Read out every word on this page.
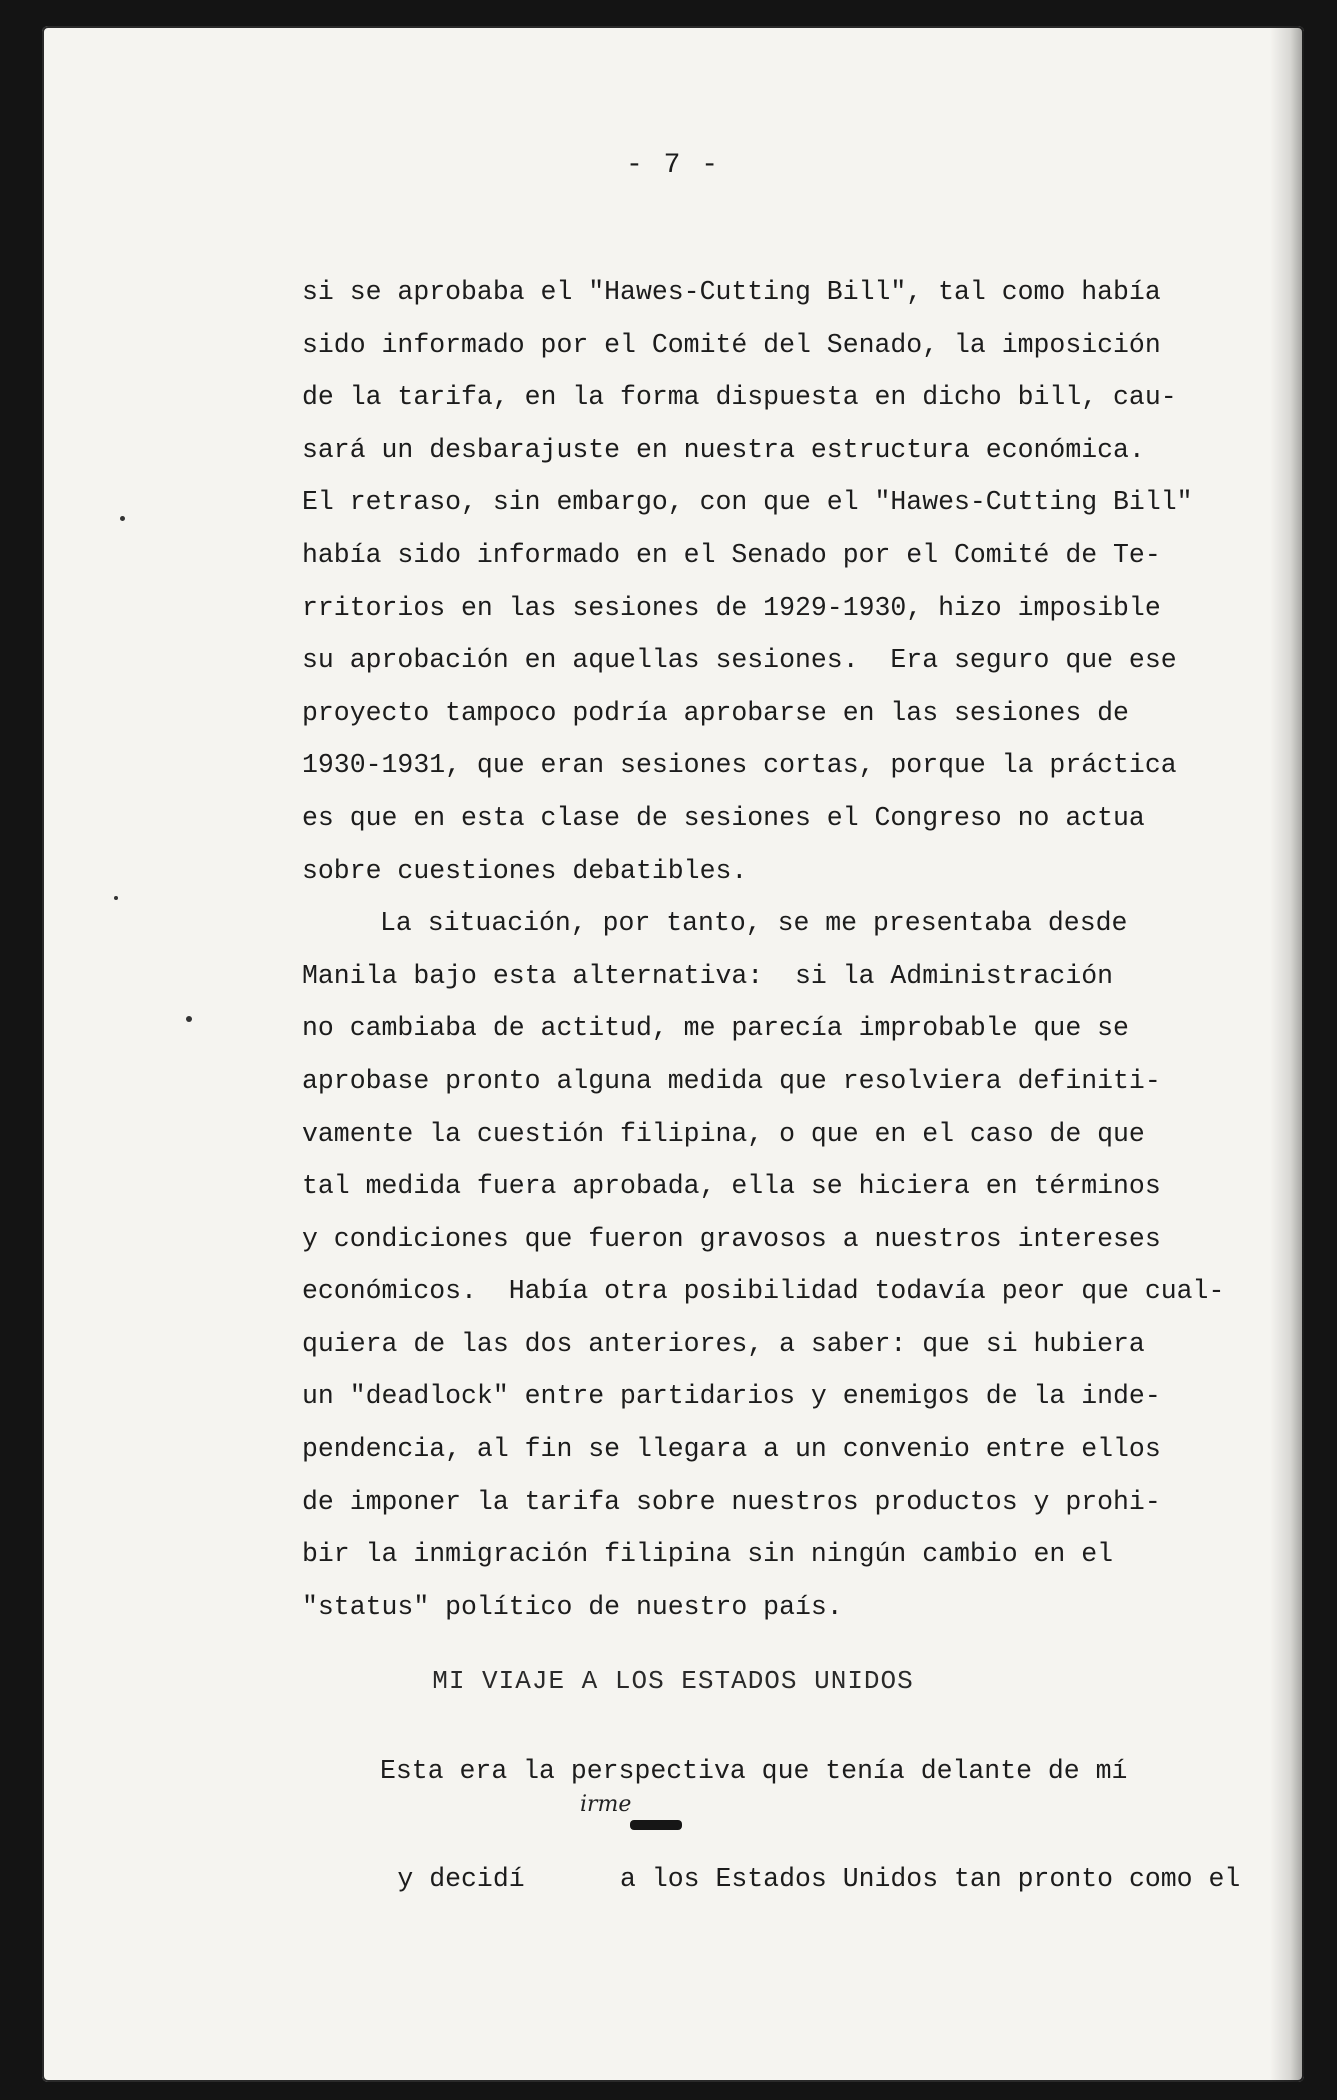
- 7 -
si se aprobaba el "Hawes-Cutting Bill", tal como había
sido informado por el Comité del Senado, la imposición
de la tarifa, en la forma dispuesta en dicho bill, cau-
sará un desbarajuste en nuestra estructura económica.
El retraso, sin embargo, con que el "Hawes-Cutting Bill"
había sido informado en el Senado por el Comité de Te-
rritorios en las sesiones de 1929-1930, hizo imposible
su aprobación en aquellas sesiones.  Era seguro que ese
proyecto tampoco podría aprobarse en las sesiones de
1930-1931, que eran sesiones cortas, porque la práctica
es que en esta clase de sesiones el Congreso no actua
sobre cuestiones debatibles.
La situación, por tanto, se me presentaba desde
Manila bajo esta alternativa:  si la Administración
no cambiaba de actitud, me parecía improbable que se
aprobase pronto alguna medida que resolviera definiti-
vamente la cuestión filipina, o que en el caso de que
tal medida fuera aprobada, ella se hiciera en términos
y condiciones que fueron gravosos a nuestros intereses
económicos.  Había otra posibilidad todavía peor que cual-
quiera de las dos anteriores, a saber: que si hubiera
un "deadlock" entre partidarios y enemigos de la inde-
pendencia, al fin se llegara a un convenio entre ellos
de imponer la tarifa sobre nuestros productos y prohi-
bir la inmigración filipina sin ningún cambio en el
"status" político de nuestro país.
MI VIAJE A LOS ESTADOS UNIDOS
Esta era la perspectiva que tenía delante de mí

y decidí      a los Estados Unidos tan pronto como el

irme
